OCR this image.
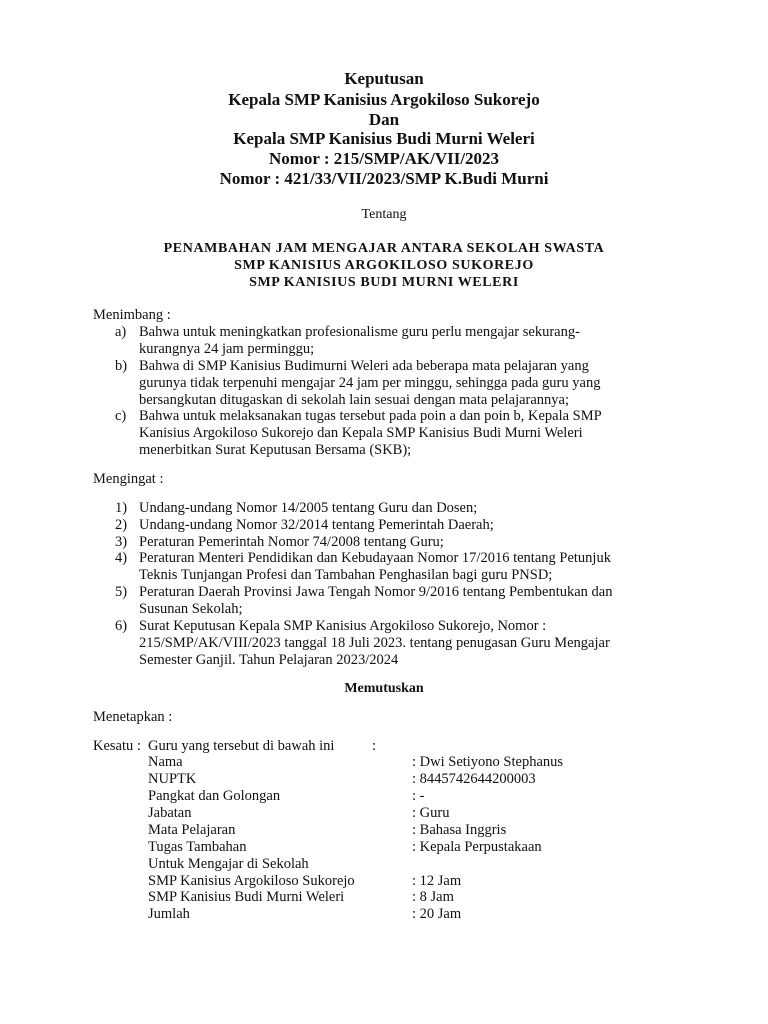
Keputusan
Kepala SMP Kanisius Argokiloso Sukorejo
Dan
Kepala SMP Kanisius Budi Murni Weleri
Nomor : 215/SMP/AK/VII/2023
Nomor : 421/33/VII/2023/SMP K.Budi Murni
Tentang
PENAMBAHAN JAM MENGAJAR ANTARA SEKOLAH SWASTA
SMP KANISIUS ARGOKILOSO SUKOREJO
SMP KANISIUS BUDI MURNI WELERI
Menimbang :
a) Bahwa untuk meningkatkan profesionalisme guru perlu mengajar sekurang-
kurangnya 24 jam perminggu;
b) Bahwa di SMP Kanisius Budimurni Weleri ada beberapa mata pelajaran yang
gurunya tidak terpenuhi mengajar 24 jam per minggu, sehingga pada guru yang
bersangkutan ditugaskan di sekolah lain sesuai dengan mata pelajarannya;
c) Bahwa untuk melaksanakan tugas tersebut pada poin a dan poin b, Kepala SMP
Kanisius Argokiloso Sukorejo dan Kepala SMP Kanisius Budi Murni Weleri
menerbitkan Surat Keputusan Bersama (SKB);
Mengingat :
1) Undang-undang Nomor 14/2005 tentang Guru dan Dosen;
2) Undang-undang Nomor 32/2014 tentang Pemerintah Daerah;
3) Peraturan Pemerintah Nomor 74/2008 tentang Guru;
4) Peraturan Menteri Pendidikan dan Kebudayaan Nomor 17/2016 tentang Petunjuk
Teknis Tunjangan Profesi dan Tambahan Penghasilan bagi guru PNSD;
5) Peraturan Daerah Provinsi Jawa Tengah Nomor 9/2016 tentang Pembentukan dan
Susunan Sekolah;
6) Surat Keputusan Kepala SMP Kanisius Argokiloso Sukorejo, Nomor :
215/SMP/AK/VIII/2023 tanggal 18 Juli 2023. tentang penugasan Guru Mengajar
Semester Ganjil. Tahun Pelajaran 2023/2024
Memutuskan
Menetapkan :
Kesatu : Guru yang tersebut di bawah ini	:
Nama	: Dwi Setiyono Stephanus
NUPTK	: 8445742644200003
Pangkat dan Golongan	: -
Jabatan	: Guru
Mata Pelajaran	: Bahasa Inggris
Tugas Tambahan	: Kepala Perpustakaan
Untuk Mengajar di Sekolah
SMP Kanisius Argokiloso Sukorejo	: 12 Jam
SMP Kanisius Budi Murni Weleri	: 8 Jam
Jumlah	: 20 Jam
